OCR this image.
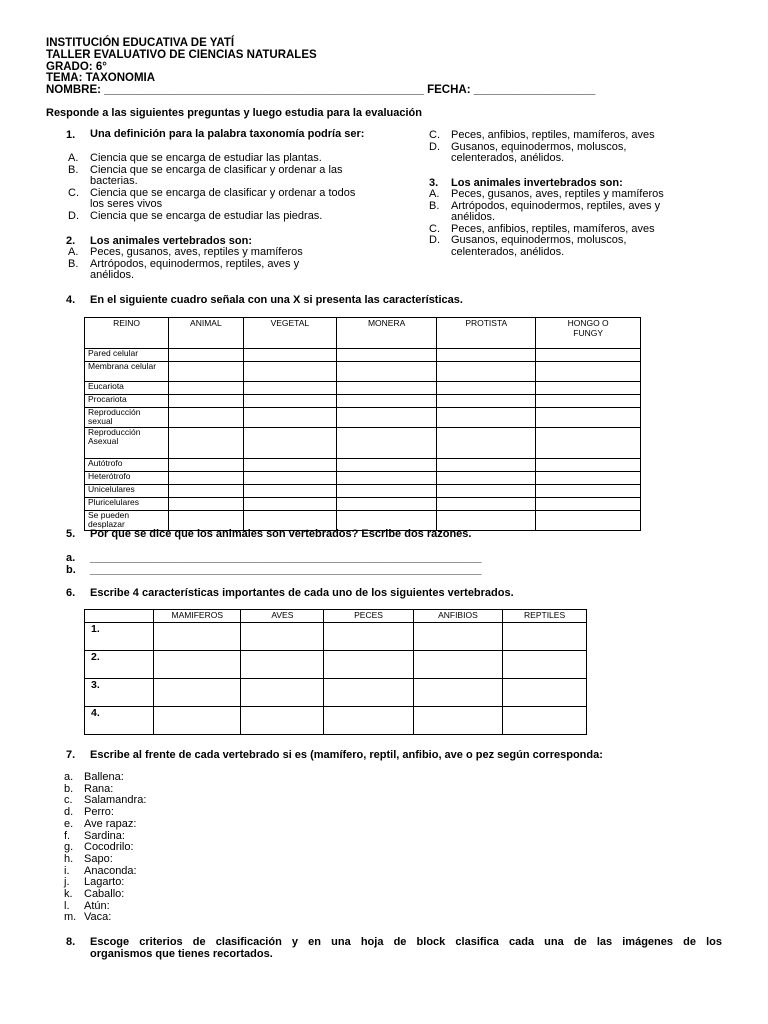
INSTITUCIÓN EDUCATIVA DE YATÍ
TALLER EVALUATIVO DE CIENCIAS NATURALES
GRADO: 6°
TEMA: TAXONOMIA
NOMBRE: __________________________________________________ FECHA: ___________________
Responde a las siguientes preguntas y luego estudia para la evaluación
1. Una definición para la palabra taxonomía podría ser:
A.	Ciencia que se encarga de estudiar las plantas.
B.	Ciencia que se encarga de clasificar y ordenar a las bacterias.
C.	Ciencia que se encarga de clasificar y ordenar a todos los seres vivos
D.	Ciencia que se encarga de estudiar las piedras.
2. Los animales vertebrados son:
A.	Peces, gusanos, aves, reptiles y mamíferos
B.	Artrópodos, equinodermos, reptiles, aves y anélidos.
C.	Peces, anfibios, reptiles, mamíferos, aves
D.	Gusanos, equinodermos, moluscos, celenterados, anélidos.
3. Los animales invertebrados son:
A.	Peces, gusanos, aves, reptiles y mamíferos
B.	Artrópodos, equinodermos, reptiles, aves y anélidos.
C.	Peces, anfibios, reptiles, mamíferos, aves
D.	Gusanos, equinodermos, moluscos, celenterados, anélidos.
4. En el siguiente cuadro señala con una X si presenta las características.
REINO	ANIMAL	VEGETAL	MONERA	PROTISTA	HONGO O FUNGY
Pared celular					
Membrana celular					
Eucariota					
Procariota					
Reproducción sexual					
Reproducción Asexual					
Autótrofo					
Heterótrofo					
Unicelulares					
Pluricelulares					
Se pueden desplazar					
5. Por que se dice que los animales son vertebrados? Escribe dos razones.
a.	________________________________________________________________
b.	________________________________________________________________
6. Escribe 4 características importantes de cada uno de los siguientes vertebrados.
	MAMIFEROS	AVES	PECES	ANFIBIOS	REPTILES
1.					
2.					
3.					
4.					
7. Escribe al frente de cada vertebrado si es (mamífero, reptil, anfibio, ave o pez según corresponda:
a. Ballena:
b. Rana:
c.	Salamandra:
d. Perro:
e. Ave rapaz:
f.	Sardina:
g. Cocodrilo:
h. Sapo:
i.	Anaconda:
j.	Lagarto:
k.	Caballo:
l.	Atún:
m. Vaca:
8. Escoge criterios de clasificación y en una hoja de block clasifica cada una de las imágenes de los
organismos que tienes recortados.
